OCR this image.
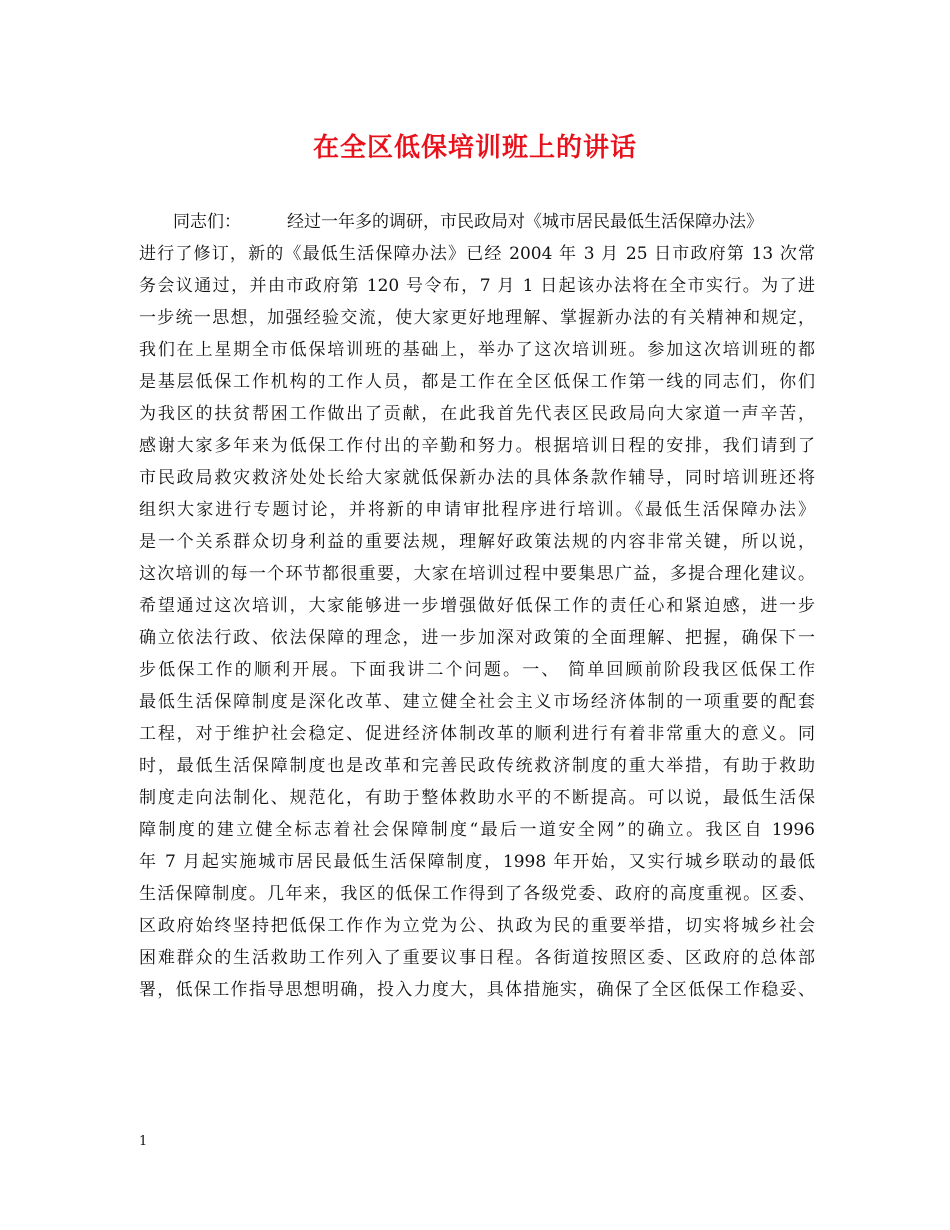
在全区低保培训班上的讲话
同志们：	经过一年多的调研，市民政局对《城市居民最低生活保障办法》
进行了修订，新的《最低生活保障办法》已经 2004 年 3 月 25 日市政府第 13 次常
务会议通过，并由市政府第 120 号令布，7 月 1 日起该办法将在全市实行。为了进
一步统一思想，加强经验交流，使大家更好地理解、掌握新办法的有关精神和规定，
我们在上星期全市低保培训班的基础上，举办了这次培训班。参加这次培训班的都
是基层低保工作机构的工作人员，都是工作在全区低保工作第一线的同志们，你们
为我区的扶贫帮困工作做出了贡献，在此我首先代表区民政局向大家道一声辛苦，
感谢大家多年来为低保工作付出的辛勤和努力。根据培训日程的安排，我们请到了
市民政局救灾救济处处长给大家就低保新办法的具体条款作辅导，同时培训班还将
组织大家进行专题讨论，并将新的申请审批程序进行培训。《最低生活保障办法》
是一个关系群众切身利益的重要法规，理解好政策法规的内容非常关键，所以说，
这次培训的每一个环节都很重要，大家在培训过程中要集思广益，多提合理化建议。
希望通过这次培训，大家能够进一步增强做好低保工作的责任心和紧迫感，进一步
确立依法行政、依法保障的理念，进一步加深对政策的全面理解、把握，确保下一
步低保工作的顺利开展。下面我讲二个问题。一、 简单回顾前阶段我区低保工作
最低生活保障制度是深化改革、建立健全社会主义市场经济体制的一项重要的配套
工程，对于维护社会稳定、促进经济体制改革的顺利进行有着非常重大的意义。同
时，最低生活保障制度也是改革和完善民政传统救济制度的重大举措，有助于救助
制度走向法制化、规范化，有助于整体救助水平的不断提高。可以说，最低生活保
障制度的建立健全标志着社会保障制度“最后一道安全网”的确立。我区自 1996
年 7 月起实施城市居民最低生活保障制度，1998 年开始，又实行城乡联动的最低
生活保障制度。几年来，我区的低保工作得到了各级党委、政府的高度重视。区委、
区政府始终坚持把低保工作作为立党为公、执政为民的重要举措，切实将城乡社会
困难群众的生活救助工作列入了重要议事日程。各街道按照区委、区政府的总体部
署，低保工作指导思想明确，投入力度大，具体措施实，确保了全区低保工作稳妥、
1
